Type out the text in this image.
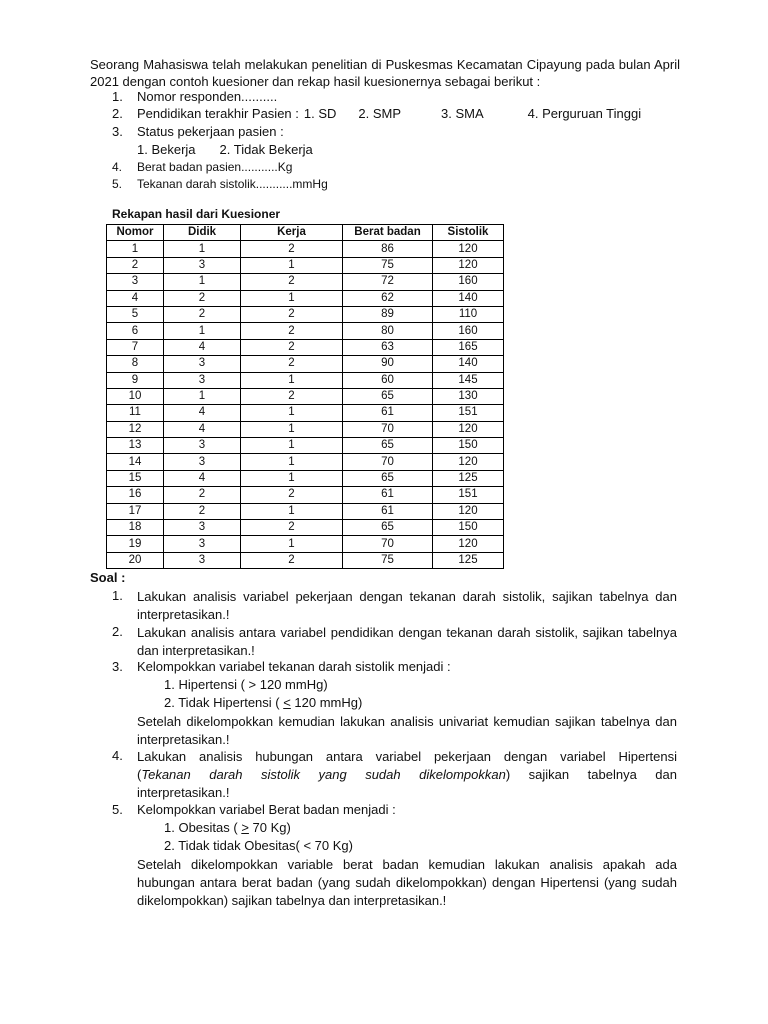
Seorang Mahasiswa telah melakukan penelitian di Puskesmas Kecamatan Cipayung pada bulan April 2021 dengan contoh kuesioner dan rekap hasil kuesionernya sebagai berikut :
1. Nomor responden..........
2. Pendidikan terakhir Pasien : 1. SD 2. SMP	3. SMA	4. Perguruan Tinggi
3. Status pekerjaan pasien :
1. Bekerja 2. Tidak Bekerja
4. Berat badan pasien...........Kg
5. Tekanan darah sistolik...........mmHg
Rekapan hasil dari Kuesioner
Nomor	Didik	Kerja	Berat badan	Sistolik
1	1	2	86	120
2	3	1	75	120
3	1	2	72	160
4	2	1	62	140
5	2	2	89	110
6	1	2	80	160
7	4	2	63	165
8	3	2	90	140
9	3	1	60	145
10	1	2	65	130
11	4	1	61	151
12	4	1	70	120
13	3	1	65	150
14	3	1	70	120
15	4	1	65	125
16	2	2	61	151
17	2	1	61	120
18	3	2	65	150
19	3	1	70	120
20	3	2	75	125
Soal :
1. Lakukan analisis variabel pekerjaan dengan tekanan darah sistolik, sajikan tabelnya dan interpretasikan.!
2. Lakukan analisis antara variabel pendidikan dengan tekanan darah sistolik, sajikan tabelnya dan interpretasikan.!
3. Kelompokkan variabel tekanan darah sistolik menjadi :
1. Hipertensi ( > 120 mmHg)
2. Tidak Hipertensi ( < 120 mmHg)
Setelah dikelompokkan kemudian lakukan analisis univariat kemudian sajikan tabelnya dan interpretasikan.!
4. Lakukan analisis hubungan antara variabel pekerjaan dengan variabel Hipertensi
(Tekanan darah sistolik yang sudah dikelompokkan) sajikan tabelnya dan
interpretasikan.!
5. Kelompokkan variabel Berat badan menjadi :
1. Obesitas ( > 70 Kg)
2. Tidak tidak Obesitas( < 70 Kg)
Setelah dikelompokkan variable berat badan kemudian lakukan analisis apakah ada hubungan antara berat badan (yang sudah dikelompokkan) dengan Hipertensi (yang sudah dikelompokkan) sajikan tabelnya dan interpretasikan.!
